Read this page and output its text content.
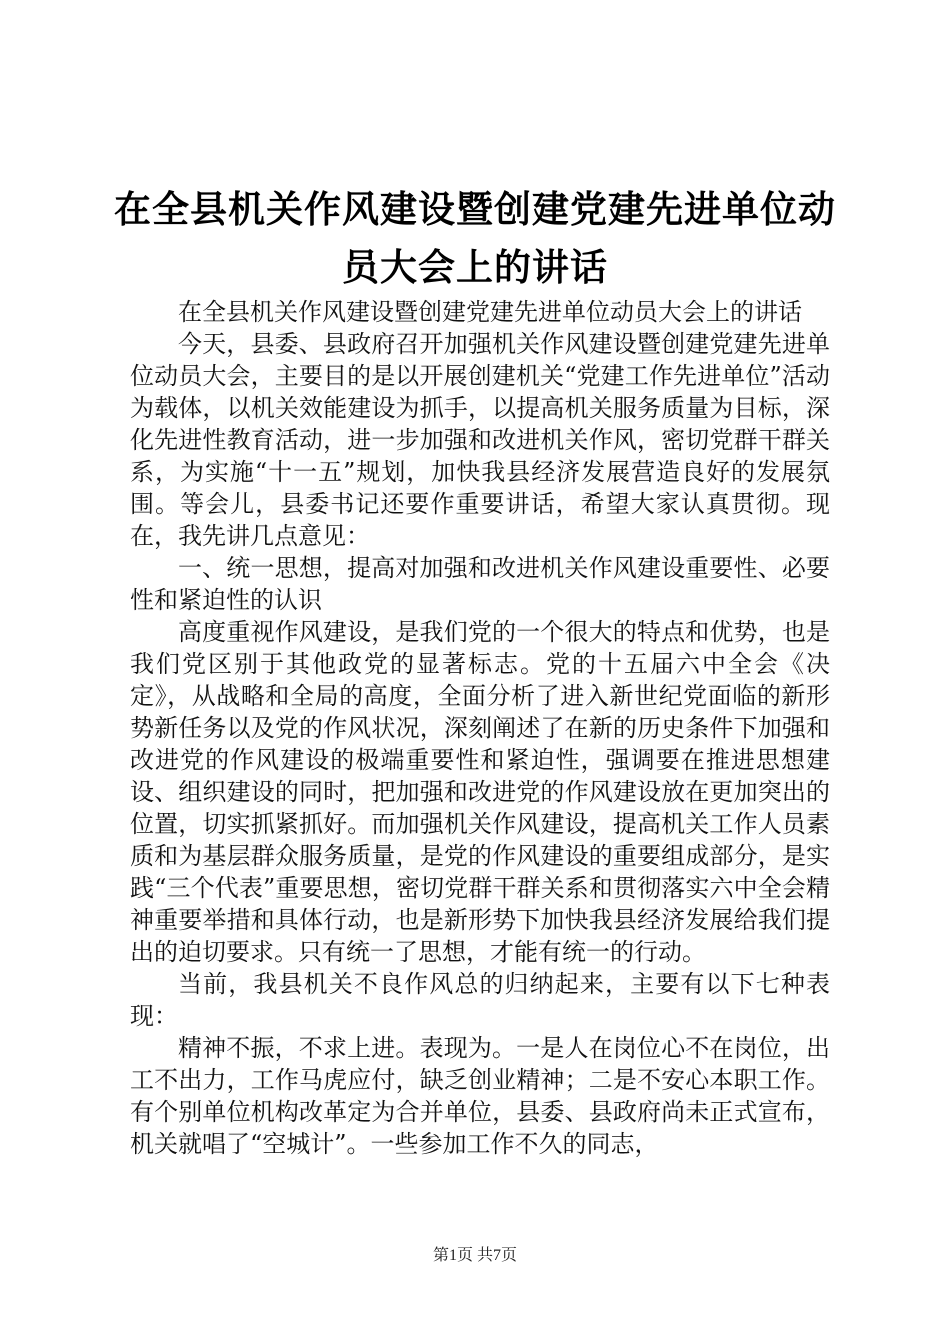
在全县机关作风建设暨创建党建先进单位动员大会上的讲话

在全县机关作风建设暨创建党建先进单位动员大会上的讲话

今天，县委、县政府召开加强机关作风建设暨创建党建先进单位动员大会，主要目的是以开展创建机关“党建工作先进单位”活动为载体，以机关效能建设为抓手，以提高机关服务质量为目标，深化先进性教育活动，进一步加强和改进机关作风，密切党群干群关系，为实施“十一五”规划，加快我县经济发展营造良好的发展氛围。等会儿，县委书记还要作重要讲话，希望大家认真贯彻。现在，我先讲几点意见：

一、统一思想，提高对加强和改进机关作风建设重要性、必要性和紧迫性的认识

高度重视作风建设，是我们党的一个很大的特点和优势，也是我们党区别于其他政党的显著标志。党的十五届六中全会《决定》，从战略和全局的高度，全面分析了进入新世纪党面临的新形势新任务以及党的作风状况，深刻阐述了在新的历史条件下加强和改进党的作风建设的极端重要性和紧迫性，强调要在推进思想建设、组织建设的同时，把加强和改进党的作风建设放在更加突出的位置，切实抓紧抓好。而加强机关作风建设，提高机关工作人员素质和为基层群众服务质量，是党的作风建设的重要组成部分，是实践“三个代表”重要思想，密切党群干群关系和贯彻落实六中全会精神重要举措和具体行动，也是新形势下加快我县经济发展给我们提出的迫切要求。只有统一了思想，才能有统一的行动。

当前，我县机关不良作风总的归纳起来，主要有以下七种表现：

精神不振，不求上进。表现为。一是人在岗位心不在岗位，出工不出力，工作马虎应付，缺乏创业精神；二是不安心本职工作。有个别单位机构改革定为合并单位，县委、县政府尚未正式宣布，机关就唱了“空城计”。一些参加工作不久的同志，

第1页 共7页
